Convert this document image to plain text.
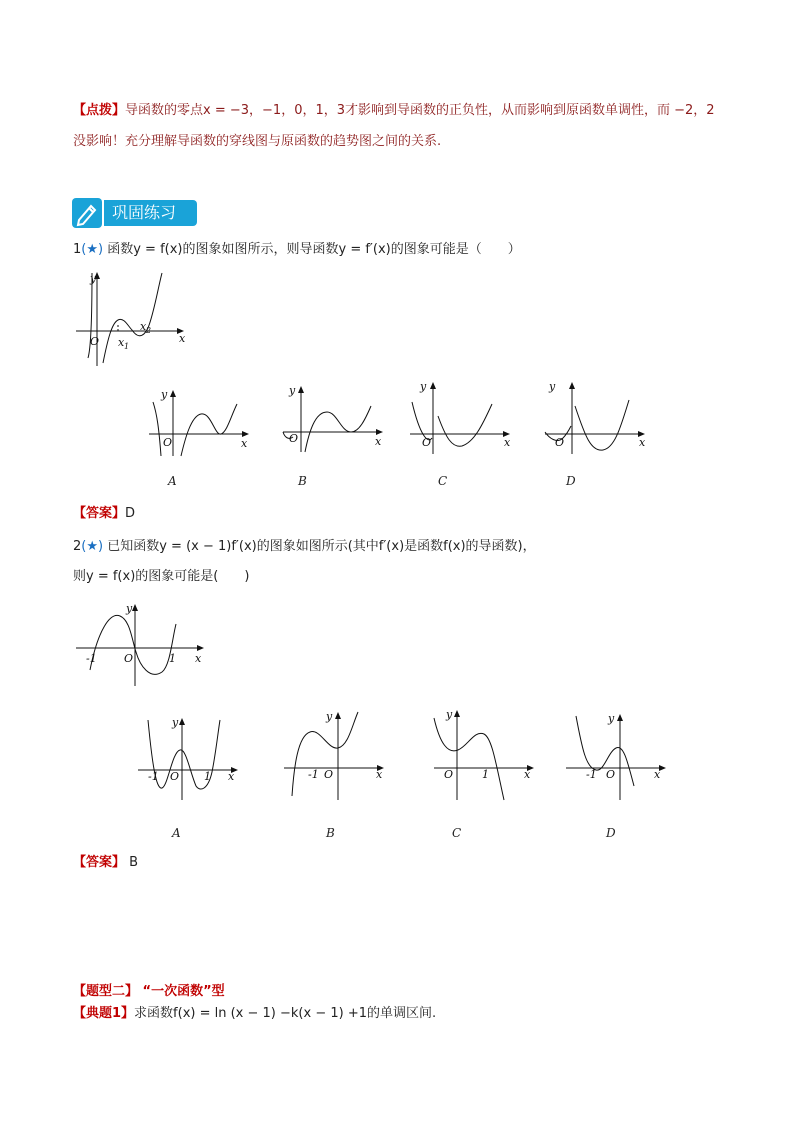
【点拨】导函数的零点x = −3，−1，0，1，3才影响到导函数的正负性，从而影响到原函数单调性，而 −2，2
没影响！充分理解导函数的穿线图与原函数的趋势图之间的关系.
巩固练习
1(★) 函数y = f(x)的图象如图所示，则导函数y = f′(x)的图象可能是（　　）
y
x
O x 1
x 2
y
x
O
y
x
O
y
x
O
y
x
O
A	B	C	D
【答案】D
2(★) 已知函数y = (x − 1)f′(x)的图象如图所示(其中f′(x)是函数f(x)的导函数)，
则y = f(x)的图象可能是(　　)
y
x
O
-1	1
y
x
O
-1	1
y
x
O
-1
y
x
O	1
y
x
O
-1
A	B	C	D
【答案】 B
【题型二】 “一次函数”型
【典题1】求函数f(x) = ln (x − 1) −k(x − 1) +1的单调区间.
